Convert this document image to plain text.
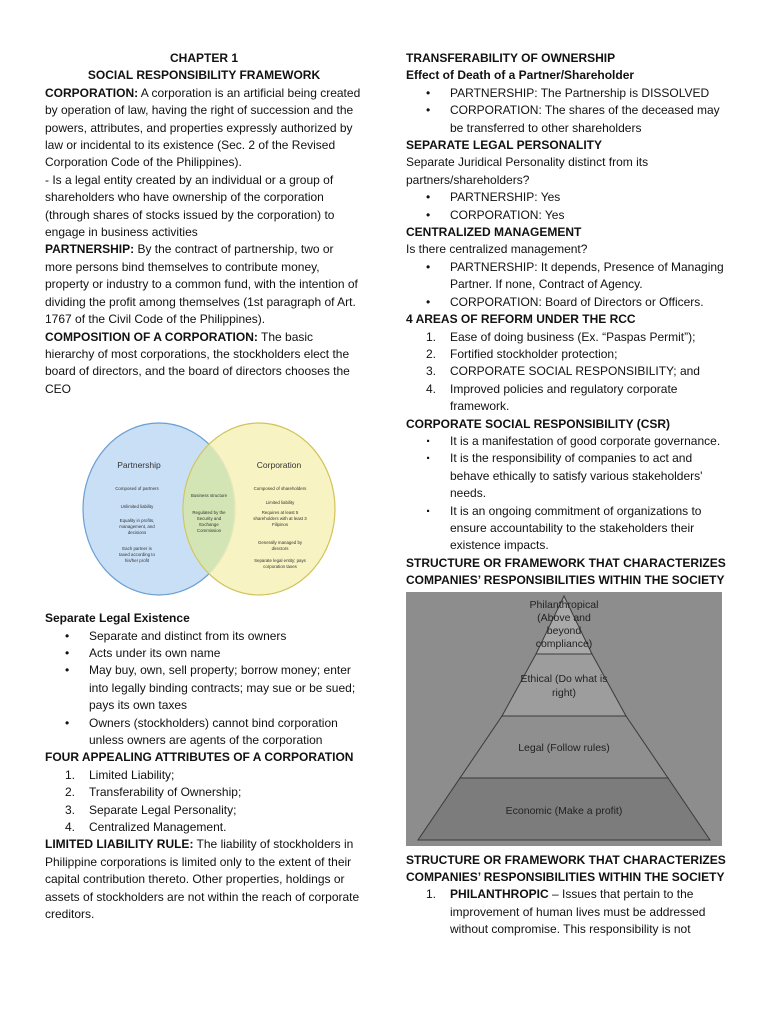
CHAPTER 1

SOCIAL RESPONSIBILITY FRAMEWORK

CORPORATION: A corporation is an artificial being created by operation of law, having the right of succession and the powers, attributes, and properties expressly authorized by law or incidental to its existence (Sec. 2 of the Revised Corporation Code of the Philippines).

- Is a legal entity created by an individual or a group of shareholders who have ownership of the corporation (through shares of stocks issued by the corporation) to engage in business activities

PARTNERSHIP: By the contract of partnership, two or more persons bind themselves to contribute money, property or industry to a common fund, with the intention of dividing the profit among themselves (1st paragraph of Art. 1767 of the Civil Code of the Philippines).

COMPOSITION OF A CORPORATION: The basic hierarchy of most corporations, the stockholders elect the board of directors, and the board of directors chooses the CEO

Partnership	Corporation
Composed of partners
Unlimited liability
Equality in profits,
management, and
decisions
Each partner is
taxed according to
his/her profit
Business structure
Regulated by the
Security and
Exchange
Commission
Composed of shareholders
Limited liability
Requires at least 5
shareholders with at least 3
Filipinos
Generally managed by
directors
Separate legal entity; pays
corporation taxes

Separate Legal Existence

• Separate and distinct from its owners
• Acts under its own name
• May buy, own, sell property; borrow money; enter into legally binding contracts; may sue or be sued; pays its own taxes
• Owners (stockholders) cannot bind corporation unless owners are agents of the corporation

FOUR APPEALING ATTRIBUTES OF A CORPORATION

1. Limited Liability;
2. Transferability of Ownership;
3. Separate Legal Personality;
4. Centralized Management.

LIMITED LIABILITY RULE: The liability of stockholders in Philippine corporations is limited only to the extent of their capital contribution thereto. Other properties, holdings or assets of stockholders are not within the reach of corporate creditors.

TRANSFERABILITY OF OWNERSHIP

Effect of Death of a Partner/Shareholder

• PARTNERSHIP: The Partnership is DISSOLVED
• CORPORATION: The shares of the deceased may be transferred to other shareholders

SEPARATE LEGAL PERSONALITY

Separate Juridical Personality distinct from its partners/shareholders?

• PARTNERSHIP: Yes
• CORPORATION: Yes

CENTRALIZED MANAGEMENT

Is there centralized management?

• PARTNERSHIP: It depends, Presence of Managing Partner. If none, Contract of Agency.
• CORPORATION: Board of Directors or Officers.

4 AREAS OF REFORM UNDER THE RCC

1. Ease of doing business (Ex. “Paspas Permit”);
2. Fortified stockholder protection;
3. CORPORATE SOCIAL RESPONSIBILITY; and
4. Improved policies and regulatory corporate framework.

CORPORATE SOCIAL RESPONSIBILITY (CSR)

· It is a manifestation of good corporate governance.
· It is the responsibility of companies to act and behave ethically to satisfy various stakeholders' needs.
· It is an ongoing commitment of organizations to ensure accountability to the stakeholders their existence impacts.

STRUCTURE OR FRAMEWORK THAT CHARACTERIZES COMPANIES’ RESPONSIBILITIES WITHIN THE SOCIETY

Philanthropical
(Above and
beyond
compliance)
Ethical (Do what is
right)
Legal (Follow rules)
Economic (Make a profit)

STRUCTURE OR FRAMEWORK THAT CHARACTERIZES COMPANIES’ RESPONSIBILITIES WITHIN THE SOCIETY

1. PHILANTHROPIC – Issues that pertain to the improvement of human lives must be addressed without compromise. This responsibility is not
